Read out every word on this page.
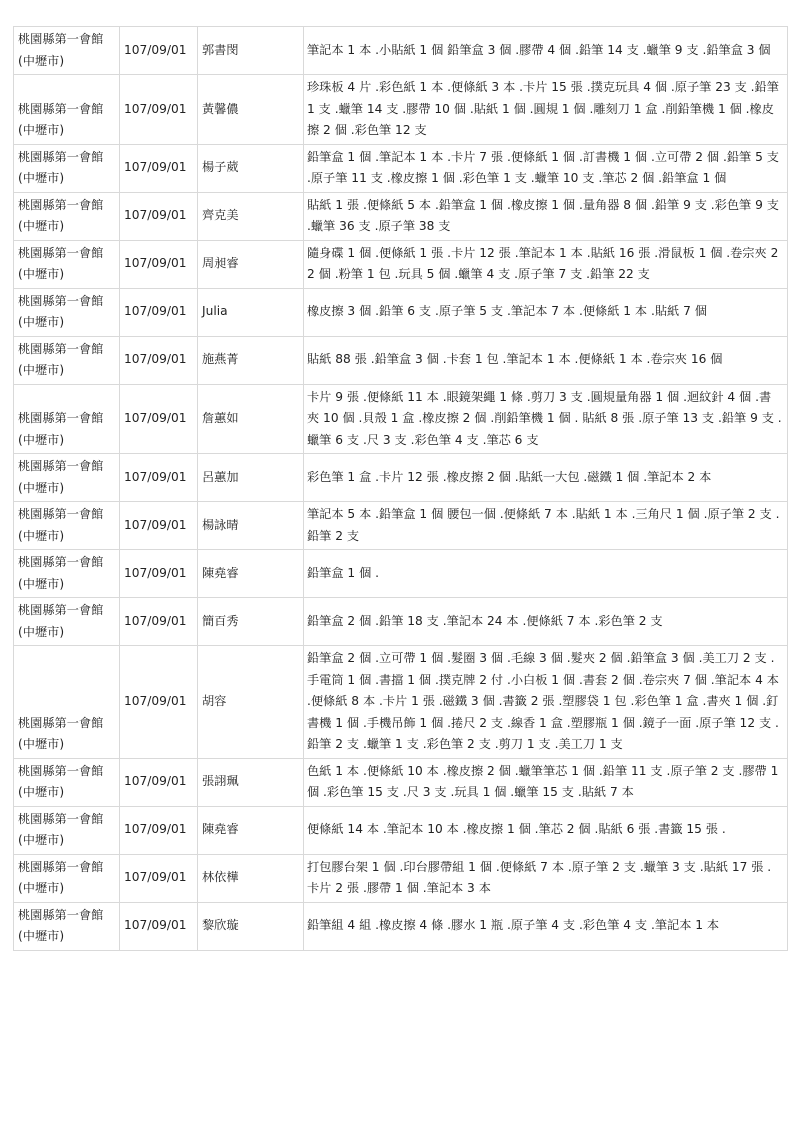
桃園縣第一會館(中壢市)	107/09/01	郭書閔	筆記本 1 本 .小貼紙 1 個 鉛筆盒 3 個 .膠帶 4 個 .鉛筆 14 支 .蠟筆 9 支 .鉛筆盒 3 個
桃園縣第一會館(中壢市)	107/09/01	黃馨儂	珍珠板 4 片 .彩色紙 1 本 .便條紙 3 本 .卡片 15 張 .撲克玩具 4 個 .原子筆 23 支 .鉛筆 1 支 .蠟筆 14 支 .膠帶 10 個 .貼紙 1 個 .圓規 1 個 .雕刻刀 1 盒 .削鉛筆機 1 個 .橡皮擦 2 個 .彩色筆 12 支
桃園縣第一會館(中壢市)	107/09/01	楊子葳	鉛筆盒 1 個 .筆記本 1 本 .卡片 7 張 .便條紙 1 個 .訂書機 1 個 .立可帶 2 個 .鉛筆 5 支 .原子筆 11 支 .橡皮擦 1 個 .彩色筆 1 支 .蠟筆 10 支 .筆芯 2 個 .鉛筆盒 1 個
桃園縣第一會館(中壢市)	107/09/01	齊克美	貼紙 1 張 .便條紙 5 本 .鉛筆盒 1 個 .橡皮擦 1 個 .量角器 8 個 .鉛筆 9 支 .彩色筆 9 支 .蠟筆 36 支 .原子筆 38 支
桃園縣第一會館(中壢市)	107/09/01	周昶睿	隨身碟 1 個 .便條紙 1 張 .卡片 12 張 .筆記本 1 本 .貼紙 16 張 .滑鼠板 1 個 .卷宗夾 22 個 .粉筆 1 包 .玩具 5 個 .蠟筆 4 支 .原子筆 7 支 .鉛筆 22 支
桃園縣第一會館(中壢市)	107/09/01	Julia	橡皮擦 3 個 .鉛筆 6 支 .原子筆 5 支 .筆記本 7 本 .便條紙 1 本 .貼紙 7 個
桃園縣第一會館(中壢市)	107/09/01	施燕菁	貼紙 88 張 .鉛筆盒 3 個 .卡套 1 包 .筆記本 1 本 .便條紙 1 本 .卷宗夾 16 個
桃園縣第一會館(中壢市)	107/09/01	詹蕙如	卡片 9 張 .便條紙 11 本 .眼鏡架繩 1 條 .剪刀 3 支 .圓規量角器 1 個 .迴紋針 4 個 .書夾 10 個 .貝殼 1 盒 .橡皮擦 2 個 .削鉛筆機 1 個 . 貼紙 8 張 .原子筆 13 支 .鉛筆 9 支 .蠟筆 6 支 .尺 3 支 .彩色筆 4 支 .筆芯 6 支
桃園縣第一會館(中壢市)	107/09/01	呂蕙加	彩色筆 1 盒 .卡片 12 張 .橡皮擦 2 個 .貼紙一大包 .磁鐵 1 個 .筆記本 2 本
桃園縣第一會館(中壢市)	107/09/01	楊詠晴	筆記本 5 本 .鉛筆盒 1 個 腰包一個 .便條紙 7 本 .貼紙 1 本 .三角尺 1 個 .原子筆 2 支 .鉛筆 2 支
桃園縣第一會館(中壢市)	107/09/01	陳堯睿	鉛筆盒 1 個 .
桃園縣第一會館(中壢市)	107/09/01	簡百秀	鉛筆盒 2 個 .鉛筆 18 支 .筆記本 24 本 .便條紙 7 本 .彩色筆 2 支
桃園縣第一會館(中壢市)	107/09/01	胡容	鉛筆盒 2 個 .立可帶 1 個 .髮圈 3 個 .毛線 3 個 .髮夾 2 個 .鉛筆盒 3 個 .美工刀 2 支 .手電筒 1 個 .書擋 1 個 .撲克牌 2 付 .小白板 1 個 .書套 2 個 .卷宗夾 7 個 .筆記本 4 本 .便條紙 8 本 .卡片 1 張 .磁鐵 3 個 .書籤 2 張 .塑膠袋 1 包 .彩色筆 1 盒 .書夾 1 個 .釘書機 1 個 .手機吊飾 1 個 .捲尺 2 支 .線香 1 盒 .塑膠瓶 1 個 .鏡子一面 .原子筆 12 支 .鉛筆 2 支 .蠟筆 1 支 .彩色筆 2 支 .剪刀 1 支 .美工刀 1 支
桃園縣第一會館(中壢市)	107/09/01	張詡珮	色紙 1 本 .便條紙 10 本 .橡皮擦 2 個 .蠟筆筆芯 1 個 .鉛筆 11 支 .原子筆 2 支 .膠帶 1 個 .彩色筆 15 支 .尺 3 支 .玩具 1 個 .蠟筆 15 支 .貼紙 7 本
桃園縣第一會館(中壢市)	107/09/01	陳堯睿	便條紙 14 本 .筆記本 10 本 .橡皮擦 1 個 .筆芯 2 個 .貼紙 6 張 .書籤 15 張 .
桃園縣第一會館(中壢市)	107/09/01	林依樺	打包膠台架 1 個 .印台膠帶組 1 個 .便條紙 7 本 .原子筆 2 支 .蠟筆 3 支 .貼紙 17 張 .卡片 2 張 .膠帶 1 個 .筆記本 3 本
桃園縣第一會館(中壢市)	107/09/01	黎欣璇	鉛筆組 4 組 .橡皮擦 4 條 .膠水 1 瓶 .原子筆 4 支 .彩色筆 4 支 .筆記本 1 本
